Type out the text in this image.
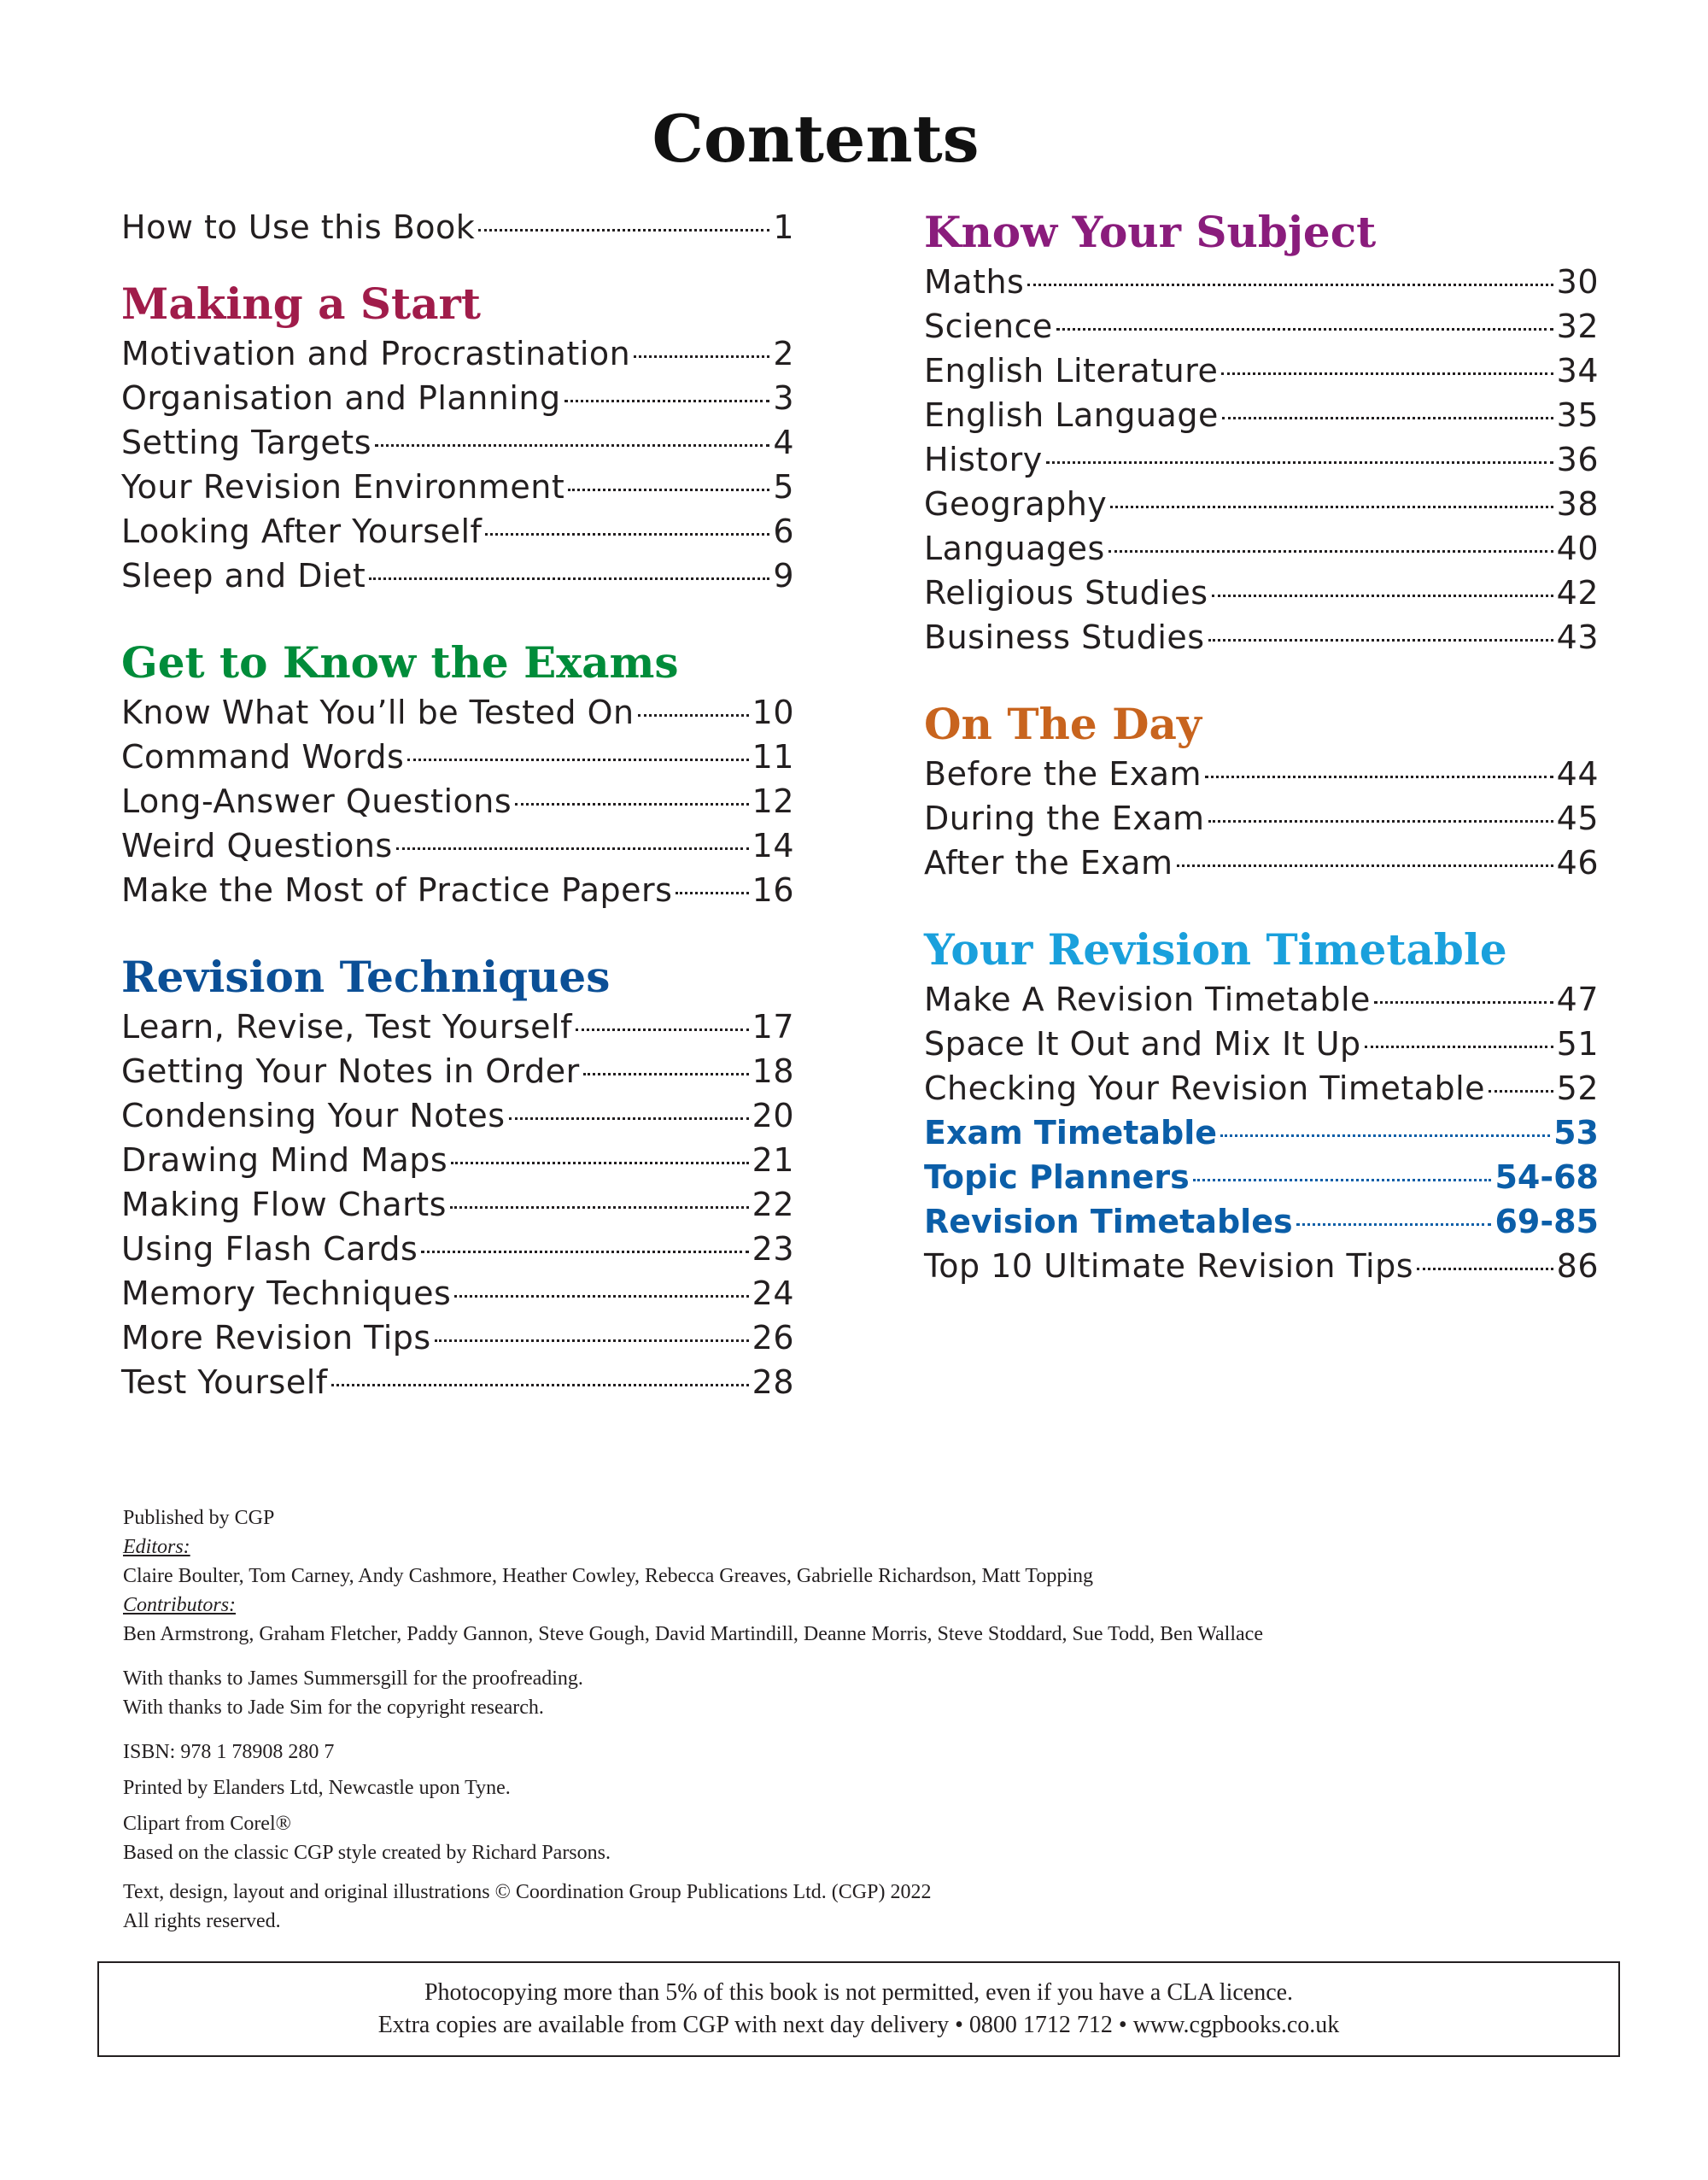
Contents
How to Use this Book	1
Making a Start
Motivation and Procrastination	2
Organisation and Planning	3
Setting Targets	4
Your Revision Environment	5
Looking After Yourself	6
Sleep and Diet	9
Get to Know the Exams
Know What You’ll be Tested On	10
Command Words	11
Long-Answer Questions	12
Weird Questions	14
Make the Most of Practice Papers 16
Revision Techniques
Learn, Revise, Test Yourself	17
Getting Your Notes in Order	18
Condensing Your Notes	20
Drawing Mind Maps	21
Making Flow Charts	22
Using Flash Cards	23
Memory Techniques	24
More Revision Tips	26
Test Yourself	28
Know Your Subject
Maths	30
Science	32
English Literature	34
English Language	35
History	36
Geography	38
Languages	40
Religious Studies	42
Business Studies	43
On The Day
Before the Exam	44
During the Exam	45
After the Exam	46
Your Revision Timetable
Make A Revision Timetable	47
Space It Out and Mix It Up	51
Checking Your Revision Timetable 52
Exam Timetable	53
Topic Planners	54-68
Revision Timetables	69-85
Top 10 Ultimate Revision Tips	86
Published by CGP
Editors:
Claire Boulter, Tom Carney, Andy Cashmore, Heather Cowley, Rebecca Greaves, Gabrielle Richardson, Matt Topping
Contributors:
Ben Armstrong, Graham Fletcher, Paddy Gannon, Steve Gough, David Martindill, Deanne Morris, Steve Stoddard, Sue Todd, Ben Wallace
With thanks to James Summersgill for the proofreading.
With thanks to Jade Sim for the copyright research.
ISBN: 978 1 78908 280 7
Printed by Elanders Ltd, Newcastle upon Tyne.
Clipart from Corel®
Based on the classic CGP style created by Richard Parsons.
Text, design, layout and original illustrations © Coordination Group Publications Ltd. (CGP) 2022
All rights reserved.
Photocopying more than 5% of this book is not permitted, even if you have a CLA licence.
Extra copies are available from CGP with next day delivery • 0800 1712 712 • www.cgpbooks.co.uk
